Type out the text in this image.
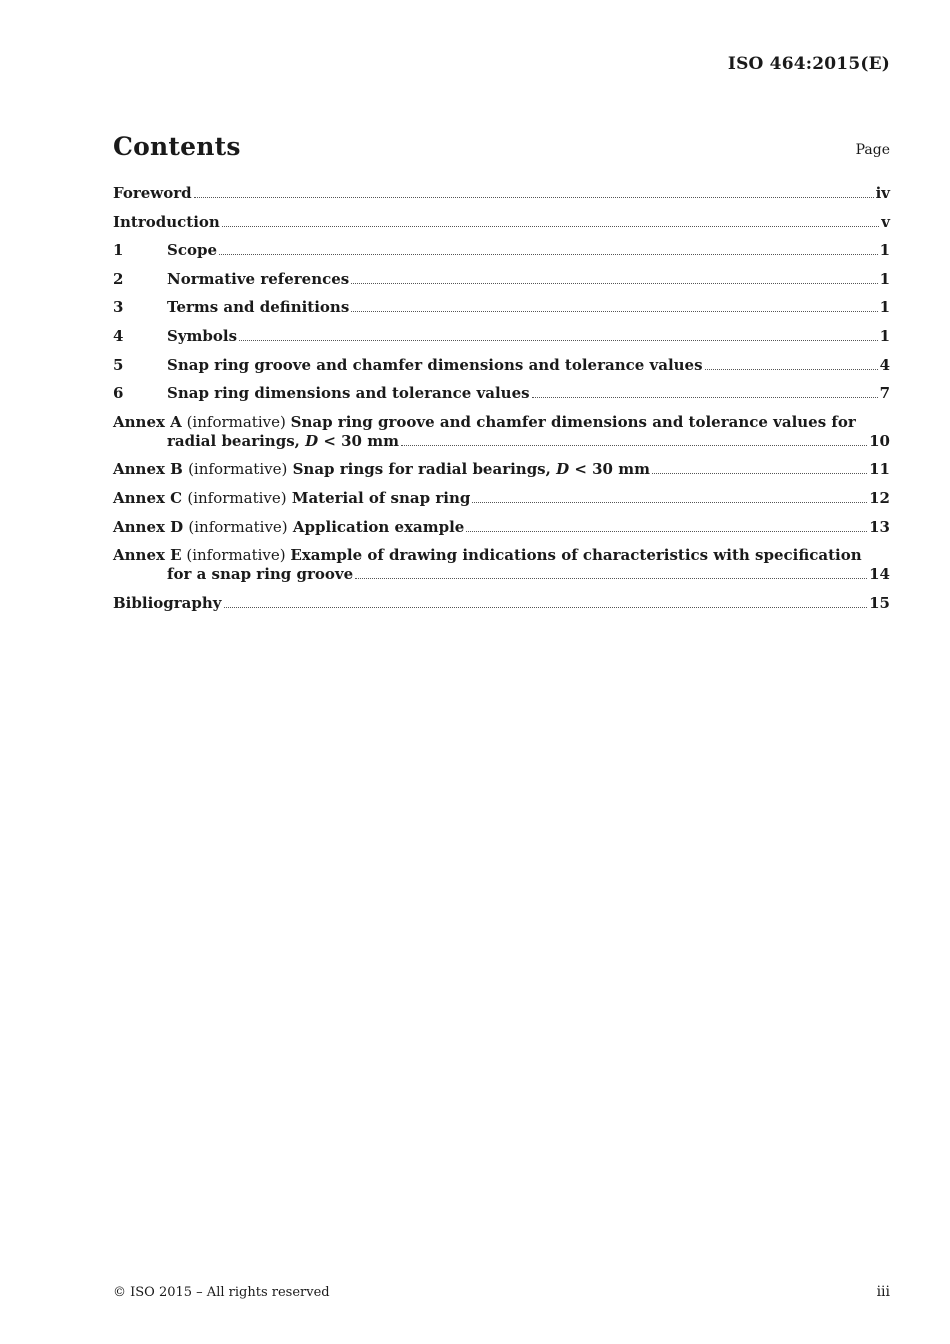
ISO 464:2015(E)
Contents	Page
Foreword	iv
Introduction	v
1	Scope	1
2	Normative references	1
3	Terms and definitions	1
4	Symbols	1
5	Snap ring groove and chamfer dimensions and tolerance values	4
6	Snap ring dimensions and tolerance values	7
Annex A (informative) Snap ring groove and chamfer dimensions and tolerance values for
radial bearings, D < 30 mm	10
Annex B (informative) Snap rings for radial bearings, D < 30 mm	11
Annex C (informative) Material of snap ring	12
Annex D (informative) Application example	13
Annex E (informative) Example of drawing indications of characteristics with specification
for a snap ring groove	14
Bibliography	15
© ISO 2015 – All rights reserved	iii
